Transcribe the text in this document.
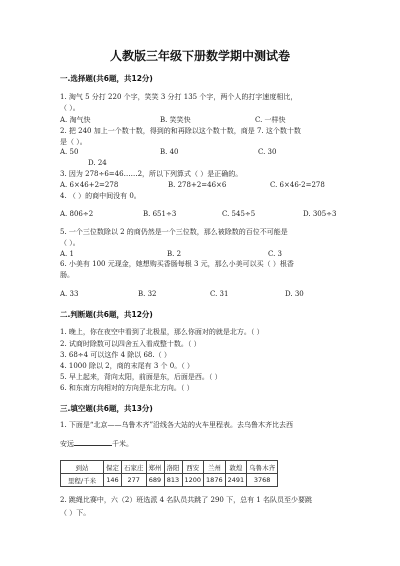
人教版三年级下册数学期中测试卷
一.选择题(共6题，共12分)
1. 淘气 5 分打 220 个字，笑笑 3 分打 135 个字，两个人的打字速度相比，
（ ）。
A. 淘气快	B. 笑笑快	C. 一样快
2. 把 240 加上一个数十数，得到的和再除以这个数十数，商是 7. 这个数十数
是（ ）。
A. 50	B. 40	C. 30
D. 24
3. 因为 278÷6=46……2，所以下列算式（ ）是正确的。
A. 6×46+2=278	B. 278+2=46×6	C. 6×46-2=278
4. （ ）的商中间没有 0。
A. 806÷2	B. 651÷3	C. 545÷5	D. 305÷3
5. 一个三位数除以 2 的商仍然是一个三位数，那么被除数的百位不可能是
（ ）。
A. 1	B. 2	C. 3
6. 小美有 100 元现金，她想购买香肠每根 3 元，那么小美可以买（ ）根香
肠。
A. 33	B. 32	C. 31	D. 30
二.判断题(共6题，共12分)
1. 晚上，你在夜空中看到了北极星，那么你面对的就是北方。（ ）
2. 试商时除数可以四舍五入看成整十数。（ ）
3. 68÷4 可以这作 4 除以 68.（ ）
4. 1000 除以 2，商的末尾有 3 个 0。（ ）
5. 早上起来，背向太阳，前面是东，后面是西。（ ）
6. 和东南方向相对的方向是东北方向。（ ）
三.填空题(共6题，共13分)
1. 下面是“北京——乌鲁木齐”沿线各大站的火车里程表。去乌鲁木齐比去西
安远	千米。
到站	保定	石家庄	郑州	洛阳	西安	兰州	敦煌	乌鲁木齐
里程/千米	146	277	689	813	1200	1876	2491	3768
2. 跳绳比赛中，六（2）班选派 4 名队员共跳了 290 下，总有 1 名队员至少要跳
（ ）下。
